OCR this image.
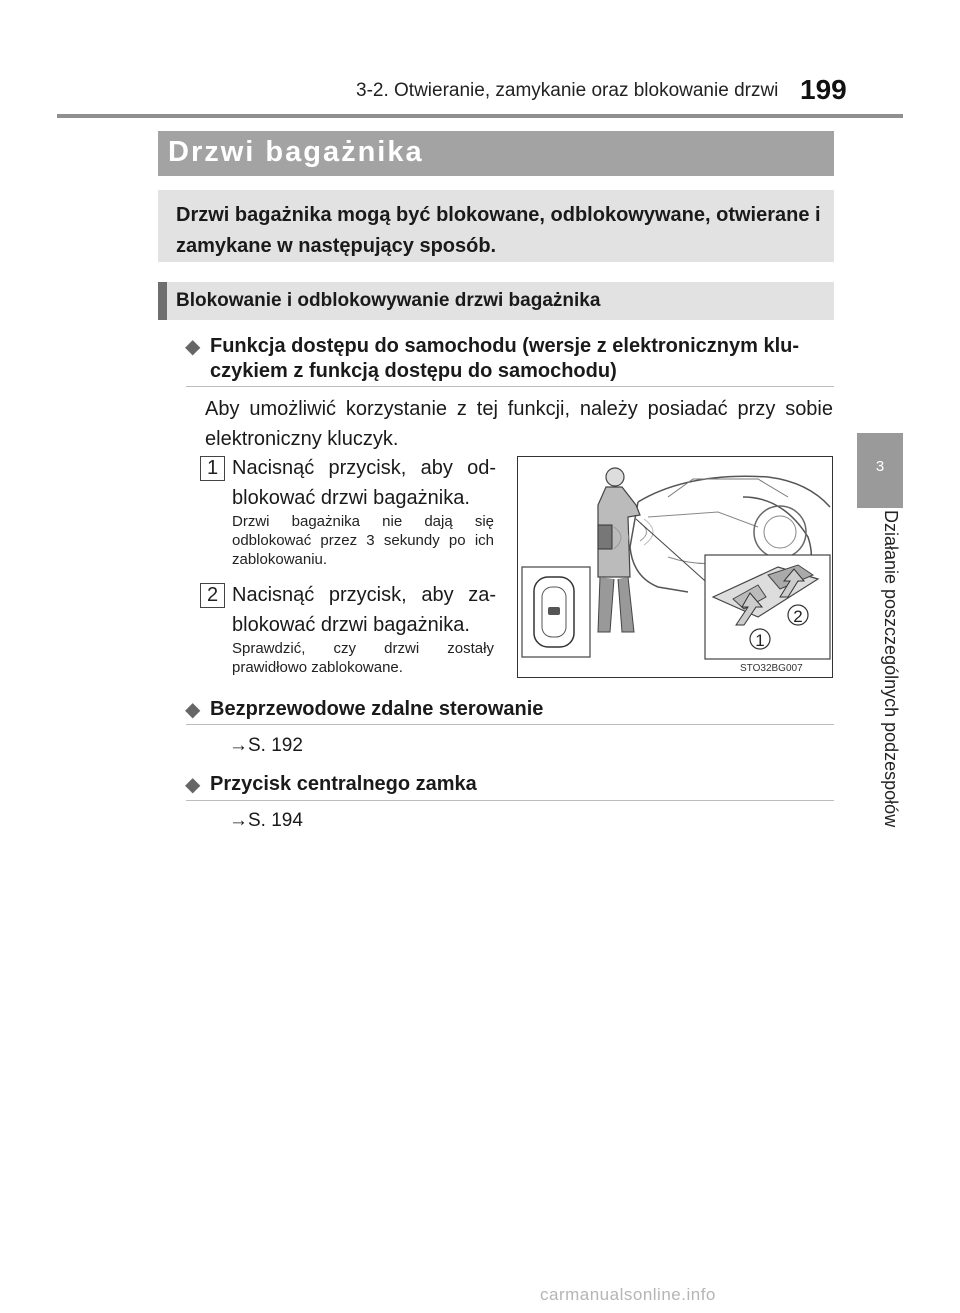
3-2. Otwieranie, zamykanie oraz blokowanie drzwi 199
3
Działanie poszczególnych podzespołów
Drzwi bagażnika
Drzwi bagażnika mogą być blokowane, odblokowywane, otwierane i zamykane w następujący sposób.
Blokowanie i odblokowywanie drzwi bagażnika
◆ Funkcja dostępu do samochodu (wersje z elektronicznym klu-
czykiem z funkcją dostępu do samochodu)
Aby umożliwić korzystanie z tej funkcji, należy posiadać przy sobie elektroniczny kluczyk.
1 Nacisnąć przycisk, aby od-blokować drzwi bagażnika.
Drzwi bagażnika nie dają się odblokować przez 3 sekundy po ich zablokowaniu.
2 Nacisnąć przycisk, aby za-blokować drzwi bagażnika.
Sprawdzić, czy drzwi zostały prawidłowo zablokowane.
1
2
STO32BG007
◆ Bezprzewodowe zdalne sterowanie
→S. 192
◆ Przycisk centralnego zamka
→S. 194
carmanualsonline.info
